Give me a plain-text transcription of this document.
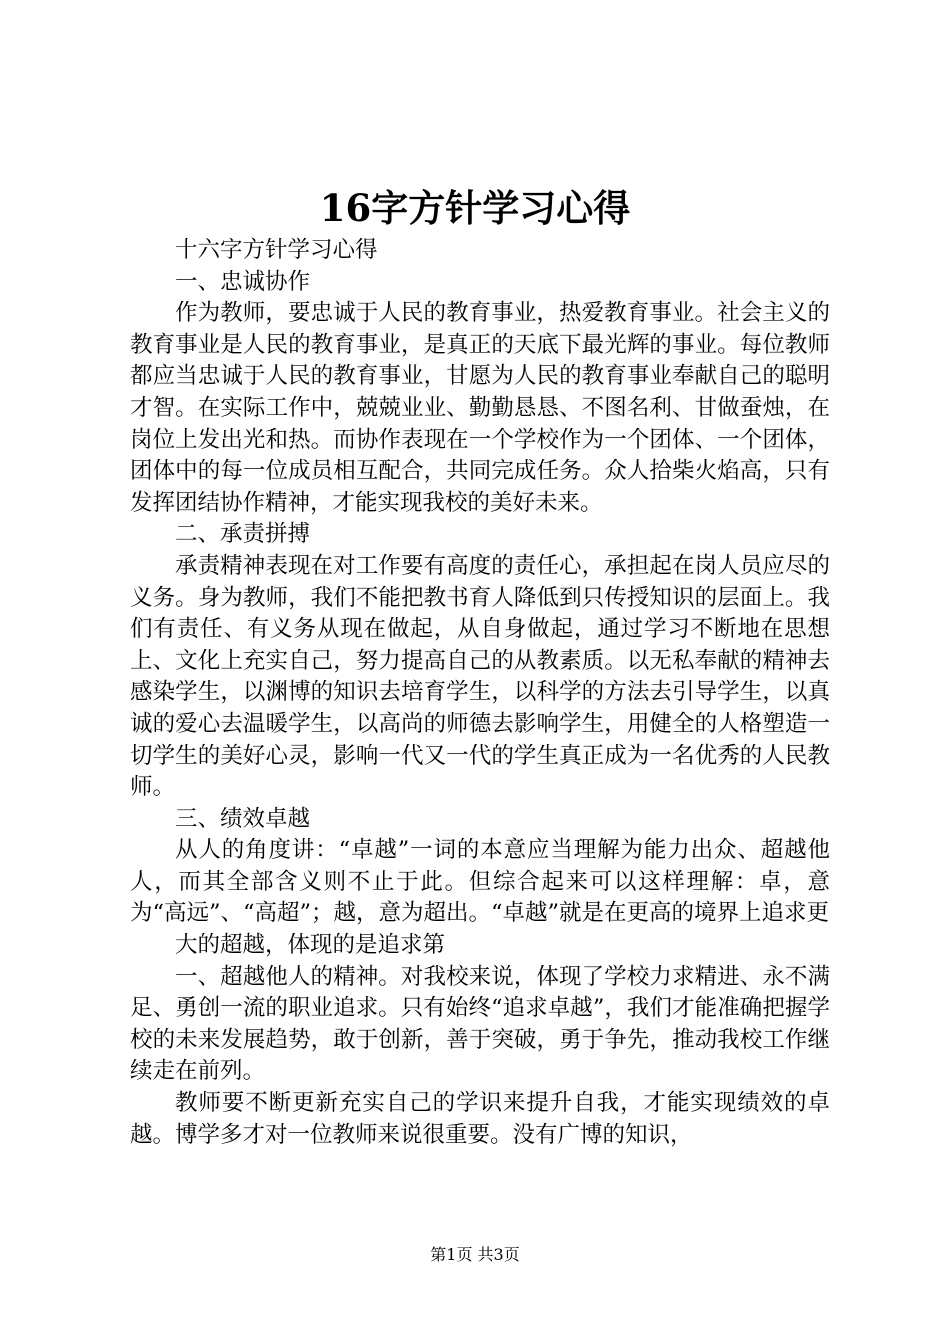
16字方针学习心得

十六字方针学习心得

一、忠诚协作

作为教师，要忠诚于人民的教育事业，热爱教育事业。社会主义的教育事业是人民的教育事业，是真正的天底下最光辉的事业。每位教师都应当忠诚于人民的教育事业，甘愿为人民的教育事业奉献自己的聪明才智。在实际工作中，兢兢业业、勤勤恳恳、不图名利、甘做蚕烛，在岗位上发出光和热。而协作表现在一个学校作为一个团体、一个团体，团体中的每一位成员相互配合，共同完成任务。众人拾柴火焰高，只有发挥团结协作精神，才能实现我校的美好未来。

二、承责拼搏

承责精神表现在对工作要有高度的责任心，承担起在岗人员应尽的义务。身为教师，我们不能把教书育人降低到只传授知识的层面上。我们有责任、有义务从现在做起，从自身做起，通过学习不断地在思想上、文化上充实自己，努力提高自己的从教素质。以无私奉献的精神去感染学生，以渊博的知识去培育学生，以科学的方法去引导学生，以真诚的爱心去温暖学生，以高尚的师德去影响学生，用健全的人格塑造一切学生的美好心灵，影响一代又一代的学生真正成为一名优秀的人民教师。

三、绩效卓越

从人的角度讲：“卓越”一词的本意应当理解为能力出众、超越他人，而其全部含义则不止于此。但综合起来可以这样理解：卓，意为“高远”、“高超”；越，意为超出。“卓越”就是在更高的境界上追求更

大的超越，体现的是追求第

一、超越他人的精神。对我校来说，体现了学校力求精进、永不满足、勇创一流的职业追求。只有始终“追求卓越”，我们才能准确把握学校的未来发展趋势，敢于创新，善于突破，勇于争先，推动我校工作继续走在前列。

教师要不断更新充实自己的学识来提升自我，才能实现绩效的卓越。博学多才对一位教师来说很重要。没有广博的知识，

第1页 共3页
